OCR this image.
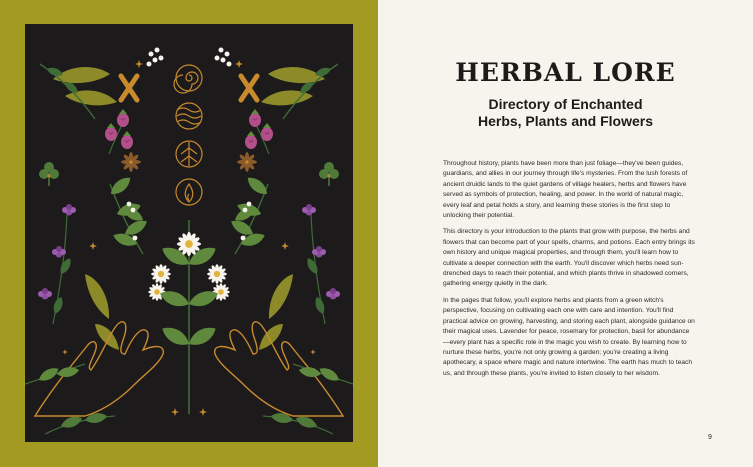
HERBAL LORE
Directory of Enchanted
Herbs, Plants and Flowers

Throughout history, plants have been more than just foliage—they've been guides, guardians, and allies in our journey through life's mysteries. From the lush forests of ancient druidic lands to the quiet gardens of village healers, herbs and flowers have served as symbols of protection, healing, and power. In the world of natural magic, every leaf and petal holds a story, and learning these stories is the first step to unlocking their potential.

This directory is your introduction to the plants that grow with purpose, the herbs and flowers that can become part of your spells, charms, and potions. Each entry brings its own history and unique magical properties, and through them, you'll learn how to cultivate a deeper connection with the earth. You'll discover which herbs need sun-drenched days to reach their potential, and which plants thrive in shadowed corners, gathering energy quietly in the dark.

In the pages that follow, you'll explore herbs and plants from a green witch's perspective, focusing on cultivating each one with care and intention. You'll find practical advice on growing, harvesting, and storing each plant, alongside guidance on their magical uses. Lavender for peace, rosemary for protection, basil for abundance—every plant has a specific role in the magic you wish to create. By learning how to nurture these herbs, you're not only growing a garden; you're creating a living apothecary, a space where magic and nature intertwine. The earth has much to teach us, and through these plants, you're invited to listen closely to her wisdom.

9
